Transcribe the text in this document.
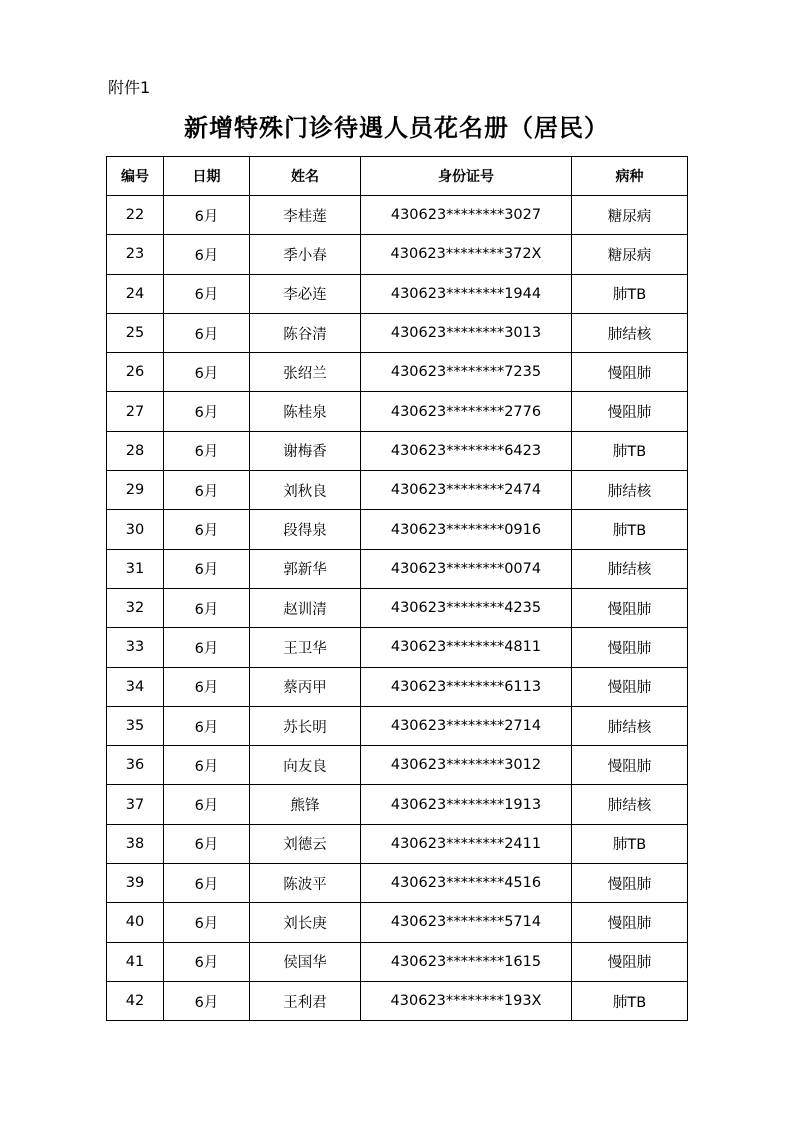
附件1
新增特殊门诊待遇人员花名册（居民）
编号	日期	姓名	身份证号	病种
22	6月	李桂莲	430623********3027	糖尿病
23	6月	季小春	430623********372X	糖尿病
24	6月	李必连	430623********1944	肺TB
25	6月	陈谷清	430623********3013	肺结核
26	6月	张绍兰	430623********7235	慢阻肺
27	6月	陈桂泉	430623********2776	慢阻肺
28	6月	谢梅香	430623********6423	肺TB
29	6月	刘秋良	430623********2474	肺结核
30	6月	段得泉	430623********0916	肺TB
31	6月	郭新华	430623********0074	肺结核
32	6月	赵训清	430623********4235	慢阻肺
33	6月	王卫华	430623********4811	慢阻肺
34	6月	蔡丙甲	430623********6113	慢阻肺
35	6月	苏长明	430623********2714	肺结核
36	6月	向友良	430623********3012	慢阻肺
37	6月	熊锋	430623********1913	肺结核
38	6月	刘德云	430623********2411	肺TB
39	6月	陈波平	430623********4516	慢阻肺
40	6月	刘长庚	430623********5714	慢阻肺
41	6月	侯国华	430623********1615	慢阻肺
42	6月	王利君	430623********193X	肺TB
